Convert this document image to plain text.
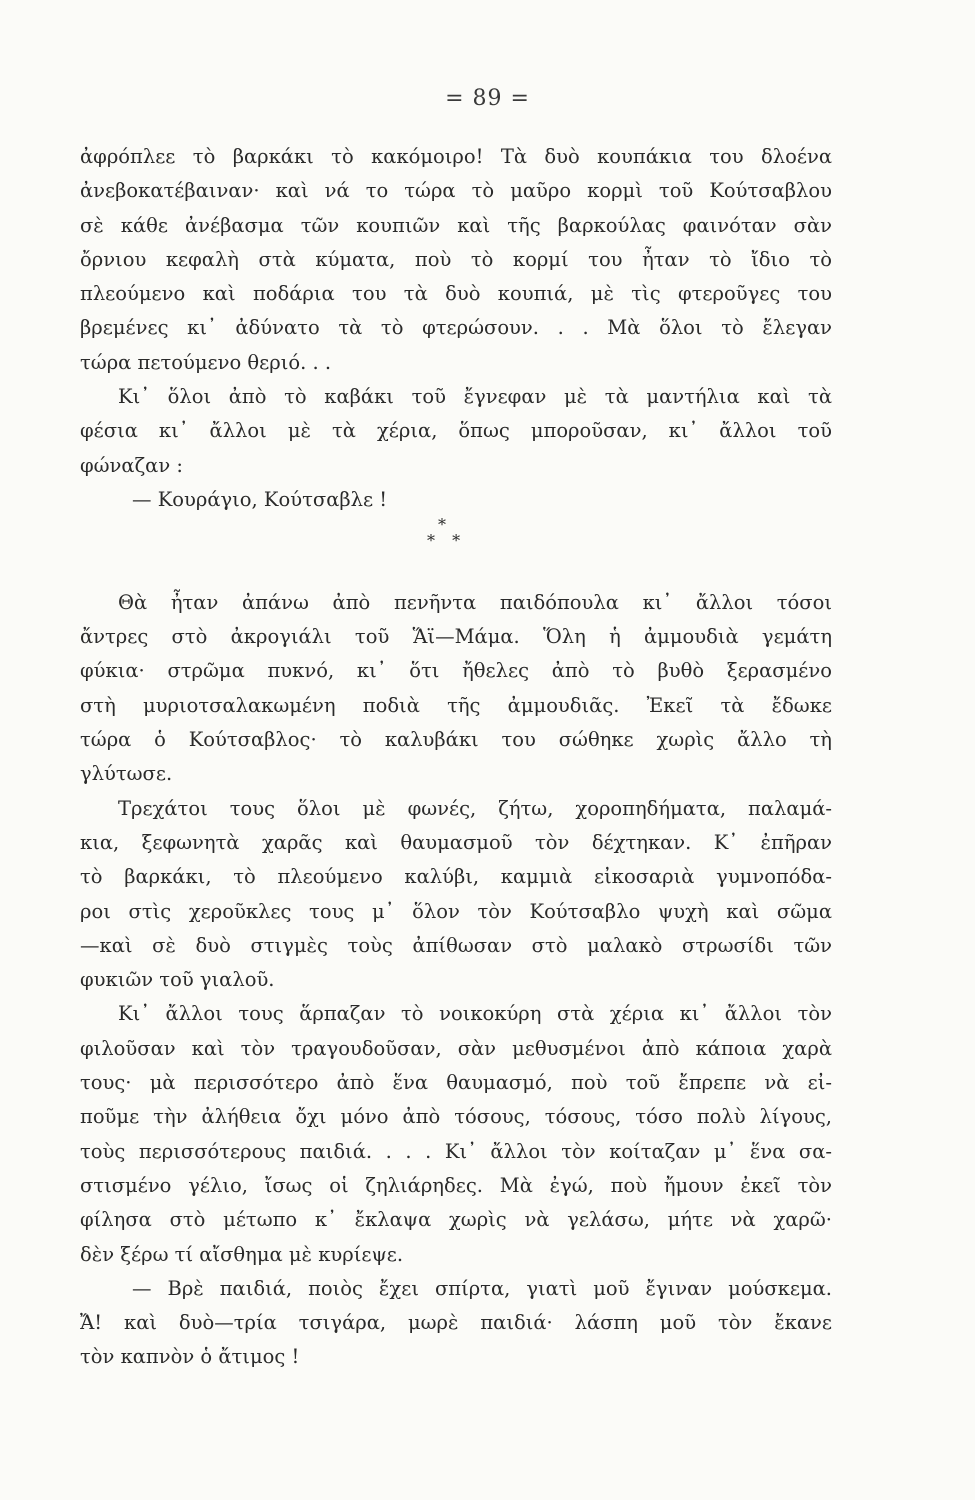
= 89 =
ἀφρόπλεε τὸ βαρκάκι τὸ κακόμοιρο! Τὰ δυὸ κουπάκια του δλοένα
ἀνεβοκατέβαιναν· καὶ νά το τώρα τὸ μαῦρο κορμὶ τοῦ Κούτσαβλου
σὲ κάθε ἀνέβασμα τῶν κουπιῶν καὶ τῆς βαρκούλας φαινόταν σὰν
ὄρνιου κεφαλὴ στὰ κύματα, ποὺ τὸ κορμί του ἦταν τὸ ἴδιο τὸ
πλεούμενο καὶ ποδάρια του τὰ δυὸ κουπιά, μὲ τὶς φτεροῦγες του
βρεμένες κι᾿ ἀδύνατο τὰ τὸ φτερώσουν. . . Μὰ ὅλοι τὸ ἔλεγαν
τώρα πετούμενο θεριό. . .
Κι᾿ ὅλοι ἀπὸ τὸ καβάκι τοῦ ἔγνεφαν μὲ τὰ μαντήλια καὶ τὰ
φέσια κι᾿ ἄλλοι μὲ τὰ χέρια, ὅπως μποροῦσαν, κι᾿ ἄλλοι τοῦ
φώναζαν :
— Κουράγιο, Κούτσαβλε !
*
* *
Θὰ ἦταν ἀπάνω ἀπὸ πενῆντα παιδόπουλα κι᾿ ἄλλοι τόσοι
ἄντρες στὸ ἀκρογιάλι τοῦ Ἅϊ—Μάμα. Ὅλη ἡ ἀμμουδιὰ γεμάτη
φύκια· στρῶμα πυκνό, κι᾿ ὅτι ἤθελες ἀπὸ τὸ βυθὸ ξερασμένο
στὴ μυριοτσαλακωμένη ποδιὰ τῆς ἀμμουδιᾶς. Ἐκεῖ τὰ ἔδωκε
τώρα ὁ Κούτσαβλος· τὸ καλυβάκι του σώθηκε χωρὶς ἄλλο τὴ
γλύτωσε.
Τρεχάτοι τους ὅλοι μὲ φωνές, ζήτω, χοροπηδήματα, παλαμά-
κια, ξεφωνητὰ χαρᾶς καὶ θαυμασμοῦ τὸν δέχτηκαν. Κ᾿ ἐπῆραν
τὸ βαρκάκι, τὸ πλεούμενο καλύβι, καμμιὰ εἰκοσαριὰ γυμνοπόδα-
ροι στὶς χεροῦκλες τους μ᾿ ὅλον τὸν Κούτσαβλο ψυχὴ καὶ σῶμα
—καὶ σὲ δυὸ στιγμὲς τοὺς ἀπίθωσαν στὸ μαλακὸ στρωσίδι τῶν
φυκιῶν τοῦ γιαλοῦ.
Κι᾿ ἄλλοι τους ἅρπαζαν τὸ νοικοκύρη στὰ χέρια κι᾿ ἄλλοι τὸν
φιλοῦσαν καὶ τὸν τραγουδοῦσαν, σὰν μεθυσμένοι ἀπὸ κάποια χαρὰ
τους· μὰ περισσότερο ἀπὸ ἕνα θαυμασμό, ποὺ τοῦ ἔπρεπε νὰ εἰ-
ποῦμε τὴν ἀλήθεια ὄχι μόνο ἀπὸ τόσους, τόσους, τόσο πολὺ λίγους,
τοὺς περισσότερους παιδιά. . . . Κι᾿ ἄλλοι τὸν κοίταζαν μ᾿ ἕνα σα-
στισμένο γέλιο, ἴσως οἱ ζηλιάρηδες. Μὰ ἐγώ, ποὺ ἤμουν ἐκεῖ τὸν
φίλησα στὸ μέτωπο κ᾿ ἔκλαψα χωρὶς νὰ γελάσω, μήτε νὰ χαρῶ·
δὲν ξέρω τί αἴσθημα μὲ κυρίεψε.
— Βρὲ παιδιά, ποιὸς ἔχει σπίρτα, γιατὶ μοῦ ἔγιναν μούσκεμα.
Ἄ! καὶ δυὸ—τρία τσιγάρα, μωρὲ παιδιά· λάσπη μοῦ τὸν ἔκανε
τὸν καπνὸν ὁ ἄτιμος !
